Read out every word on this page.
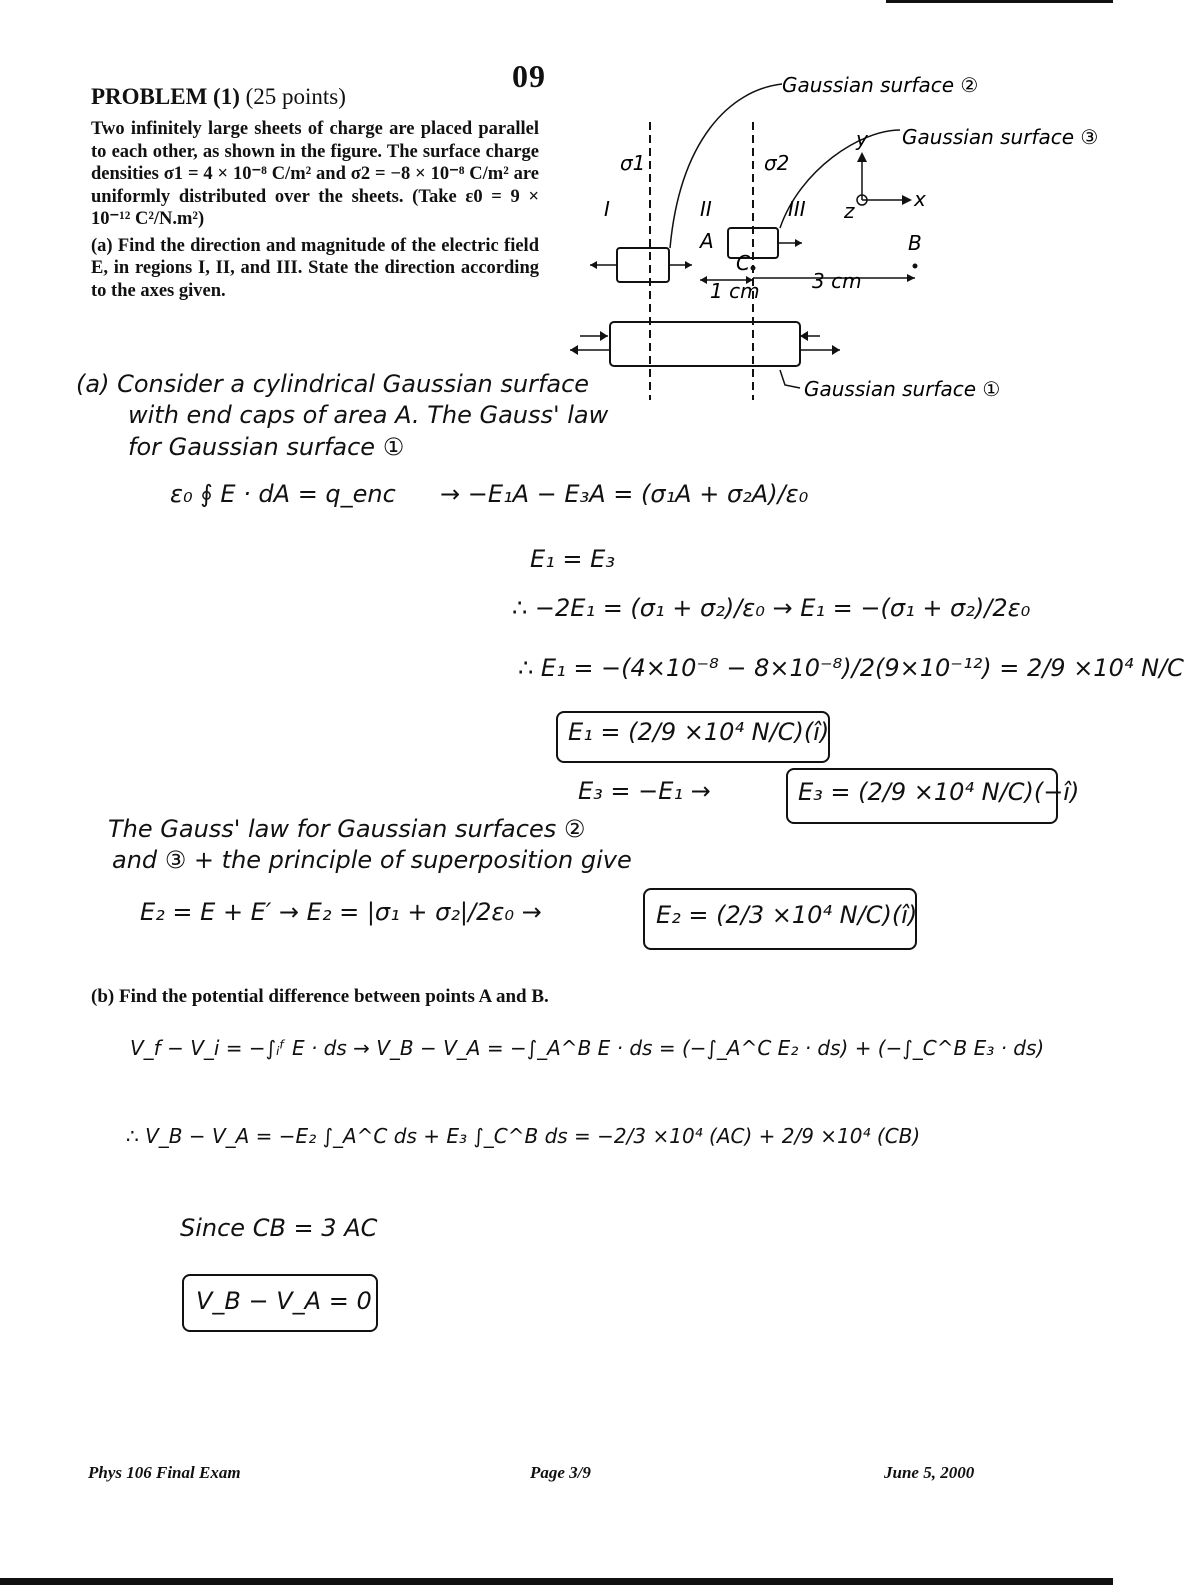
09
PROBLEM (1) (25 points)

Two infinitely large sheets of charge are placed parallel to each other, as shown in the figure. The surface charge densities σ1 = 4 × 10⁻⁸ C/m² and σ2 = −8 × 10⁻⁸ C/m² are uniformly distributed over the sheets. (Take ε0 = 9 × 10⁻¹² C²/N.m²)

(a) Find the direction and magnitude of the electric field E, in regions I, II, and III. State the direction according to the axes given.

Gaussian surface ②
Gaussian surface ③
Gaussian surface ①
σ1	σ2
I	II	III
B
C
A
1 cm	3 cm
y
x
z
(a) Consider a cylindrical Gaussian surface
with end caps of area A. The Gauss' law
for Gaussian surface ①
ε₀ ∮ E · dA = q_enc → −E₁A − E₃A = (σ₁A + σ₂A)/ε₀
E₁ = E₃
∴ −2E₁ = (σ₁ + σ₂)/ε₀ → E₁ = −(σ₁ + σ₂)/2ε₀
∴ E₁ = −(4×10⁻⁸ − 8×10⁻⁸)/2(9×10⁻¹²) = 2/9 ×10⁴ N/C
E₁ = (2/9 ×10⁴ N/C)(î)
E₃ = −E₁ →	E₃ = (2/9 ×10⁴ N/C)(−î)
The Gauss' law for Gaussian surfaces ②
and ③ + the principle of superposition give
E₂ = E + E′ → E₂ = |σ₁ + σ₂|/2ε₀ →	E₂ = (2/3 ×10⁴ N/C)(î)
(b) Find the potential difference between points A and B.
V_f − V_i = −∫ᵢᶠ E · ds → V_B − V_A = −∫_A^B E · ds = (−∫_A^C E₂ · ds) + (−∫_C^B E₃ · ds)
∴ V_B − V_A = −E₂ ∫_A^C ds + E₃ ∫_C^B ds = −2/3 ×10⁴ (AC) + 2/9 ×10⁴ (CB)
Since CB = 3 AC
V_B − V_A = 0
Phys 106 Final Exam	Page 3/9	June 5, 2000
